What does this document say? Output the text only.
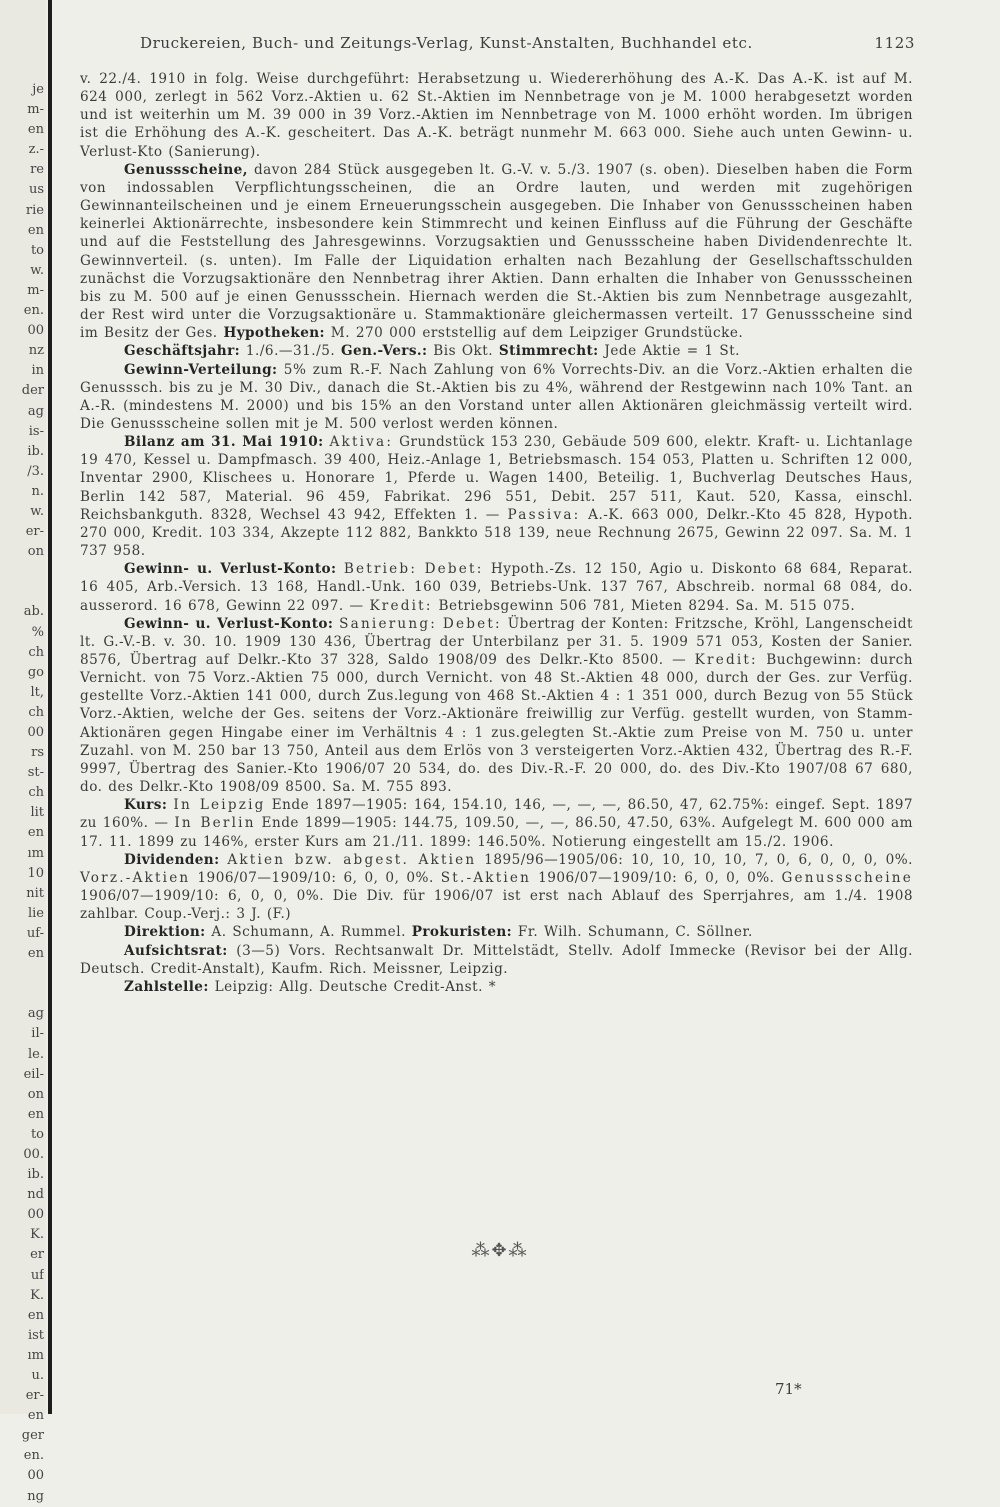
je
m-
en
z.-
re
us
rie
en
to
w.
m-
en.
00
nz
in
der
ag
is-
ib.
/3.
n.
w.
er-
on
ab.
%
ch
go
lt,
ch
00
rs
st-
ch
lit
en
ım
10
nit
lie
uf-
en
ag
il-
le.
eil-
on
en
to
00.
ib.
nd
00
K.
er
uf
K.
en
ist
ım
u.
er-
en
ger
en.
00
ng
Druckereien, Buch- und Zeitungs-Verlag, Kunst-Anstalten, Buchhandel etc.	1123

v. 22./4. 1910 in folg. Weise durchgeführt: Herabsetzung u. Wiedererhöhung des A.-K. Das A.-K. ist auf M. 624 000, zerlegt in 562 Vorz.-Aktien u. 62 St.-Aktien im Nennbetrage von je M. 1000 herabgesetzt worden und ist weiterhin um M. 39 000 in 39 Vorz.-Aktien im Nennbetrage von M. 1000 erhöht worden. Im übrigen ist die Erhöhung des A.-K. gescheitert. Das A.-K. beträgt nunmehr M. 663 000. Siehe auch unten Gewinn- u. Verlust-Kto (Sanierung).

Genussscheine, davon 284 Stück ausgegeben lt. G.-V. v. 5./3. 1907 (s. oben). Dieselben haben die Form von indossablen Verpflichtungsscheinen, die an Ordre lauten, und werden mit zugehörigen Gewinnanteilscheinen und je einem Erneuerungsschein ausgegeben. Die Inhaber von Genussscheinen haben keinerlei Aktionärrechte, insbesondere kein Stimmrecht und keinen Einfluss auf die Führung der Geschäfte und auf die Feststellung des Jahresgewinns. Vorzugsaktien und Genussscheine haben Dividendenrechte lt. Gewinnverteil. (s. unten). Im Falle der Liquidation erhalten nach Bezahlung der Gesellschaftsschulden zunächst die Vorzugsaktionäre den Nennbetrag ihrer Aktien. Dann erhalten die Inhaber von Genussscheinen bis zu M. 500 auf je einen Genussschein. Hiernach werden die St.-Aktien bis zum Nennbetrage ausgezahlt, der Rest wird unter die Vorzugsaktionäre u. Stammaktionäre gleichermassen verteilt. 17 Genussscheine sind im Besitz der Ges. Hypotheken: M. 270 000 erststellig auf dem Leipziger Grundstücke.

Geschäftsjahr: 1./6.—31./5. Gen.-Vers.: Bis Okt. Stimmrecht: Jede Aktie = 1 St.

Gewinn-Verteilung: 5% zum R.-F. Nach Zahlung von 6% Vorrechts-Div. an die Vorz.-Aktien erhalten die Genusssch. bis zu je M. 30 Div., danach die St.-Aktien bis zu 4%, während der Restgewinn nach 10% Tant. an A.-R. (mindestens M. 2000) und bis 15% an den Vorstand unter allen Aktionären gleichmässig verteilt wird. Die Genussscheine sollen mit je M. 500 verlost werden können.

Bilanz am 31. Mai 1910: Aktiva: Grundstück 153 230, Gebäude 509 600, elektr. Kraft- u. Lichtanlage 19 470, Kessel u. Dampfmasch. 39 400, Heiz.-Anlage 1, Betriebsmasch. 154 053, Platten u. Schriften 12 000, Inventar 2900, Klischees u. Honorare 1, Pferde u. Wagen 1400, Beteilig. 1, Buchverlag Deutsches Haus, Berlin 142 587, Material. 96 459, Fabrikat. 296 551, Debit. 257 511, Kaut. 520, Kassa, einschl. Reichsbankguth. 8328, Wechsel 43 942, Effekten 1. — Passiva: A.-K. 663 000, Delkr.-Kto 45 828, Hypoth. 270 000, Kredit. 103 334, Akzepte 112 882, Bankkto 518 139, neue Rechnung 2675, Gewinn 22 097. Sa. M. 1 737 958.

Gewinn- u. Verlust-Konto: Betrieb: Debet: Hypoth.-Zs. 12 150, Agio u. Diskonto 68 684, Reparat. 16 405, Arb.-Versich. 13 168, Handl.-Unk. 160 039, Betriebs-Unk. 137 767, Abschreib. normal 68 084, do. ausserord. 16 678, Gewinn 22 097. — Kredit: Betriebsgewinn 506 781, Mieten 8294. Sa. M. 515 075.

Gewinn- u. Verlust-Konto: Sanierung: Debet: Übertrag der Konten: Fritzsche, Kröhl, Langenscheidt lt. G.-V.-B. v. 30. 10. 1909 130 436, Übertrag der Unterbilanz per 31. 5. 1909 571 053, Kosten der Sanier. 8576, Übertrag auf Delkr.-Kto 37 328, Saldo 1908/09 des Delkr.-Kto 8500. — Kredit: Buchgewinn: durch Vernicht. von 75 Vorz.-Aktien 75 000, durch Vernicht. von 48 St.-Aktien 48 000, durch der Ges. zur Verfüg. gestellte Vorz.-Aktien 141 000, durch Zus.legung von 468 St.-Aktien 4 : 1 351 000, durch Bezug von 55 Stück Vorz.-Aktien, welche der Ges. seitens der Vorz.-Aktionäre freiwillig zur Verfüg. gestellt wurden, von Stamm-Aktionären gegen Hingabe einer im Verhältnis 4 : 1 zus.gelegten St.-Aktie zum Preise von M. 750 u. unter Zuzahl. von M. 250 bar 13 750, Anteil aus dem Erlös von 3 versteigerten Vorz.-Aktien 432, Übertrag des R.-F. 9997, Übertrag des Sanier.-Kto 1906/07 20 534, do. des Div.-R.-F. 20 000, do. des Div.-Kto 1907/08 67 680, do. des Delkr.-Kto 1908/09 8500. Sa. M. 755 893.

Kurs: In Leipzig Ende 1897—1905: 164, 154.10, 146, —, —, —, 86.50, 47, 62.75%: eingef. Sept. 1897 zu 160%. — In Berlin Ende 1899—1905: 144.75, 109.50, —, —, 86.50, 47.50, 63%. Aufgelegt M. 600 000 am 17. 11. 1899 zu 146%, erster Kurs am 21./11. 1899: 146.50%. Notierung eingestellt am 15./2. 1906.

Dividenden: Aktien bzw. abgest. Aktien 1895/96—1905/06: 10, 10, 10, 10, 7, 0, 6, 0, 0, 0, 0%. Vorz.-Aktien 1906/07—1909/10: 6, 0, 0, 0%. St.-Aktien 1906/07—1909/10: 6, 0, 0, 0%. Genussscheine 1906/07—1909/10: 6, 0, 0, 0%. Die Div. für 1906/07 ist erst nach Ablauf des Sperrjahres, am 1./4. 1908 zahlbar. Coup.-Verj.: 3 J. (F.)

Direktion: A. Schumann, A. Rummel. Prokuristen: Fr. Wilh. Schumann, C. Söllner.

Aufsichtsrat: (3—5) Vors. Rechtsanwalt Dr. Mittelstädt, Stellv. Adolf Immecke (Revisor bei der Allg. Deutsch. Credit-Anstalt), Kaufm. Rich. Meissner, Leipzig.

Zahlstelle: Leipzig: Allg. Deutsche Credit-Anst. *

⁂✥⁂
71*
